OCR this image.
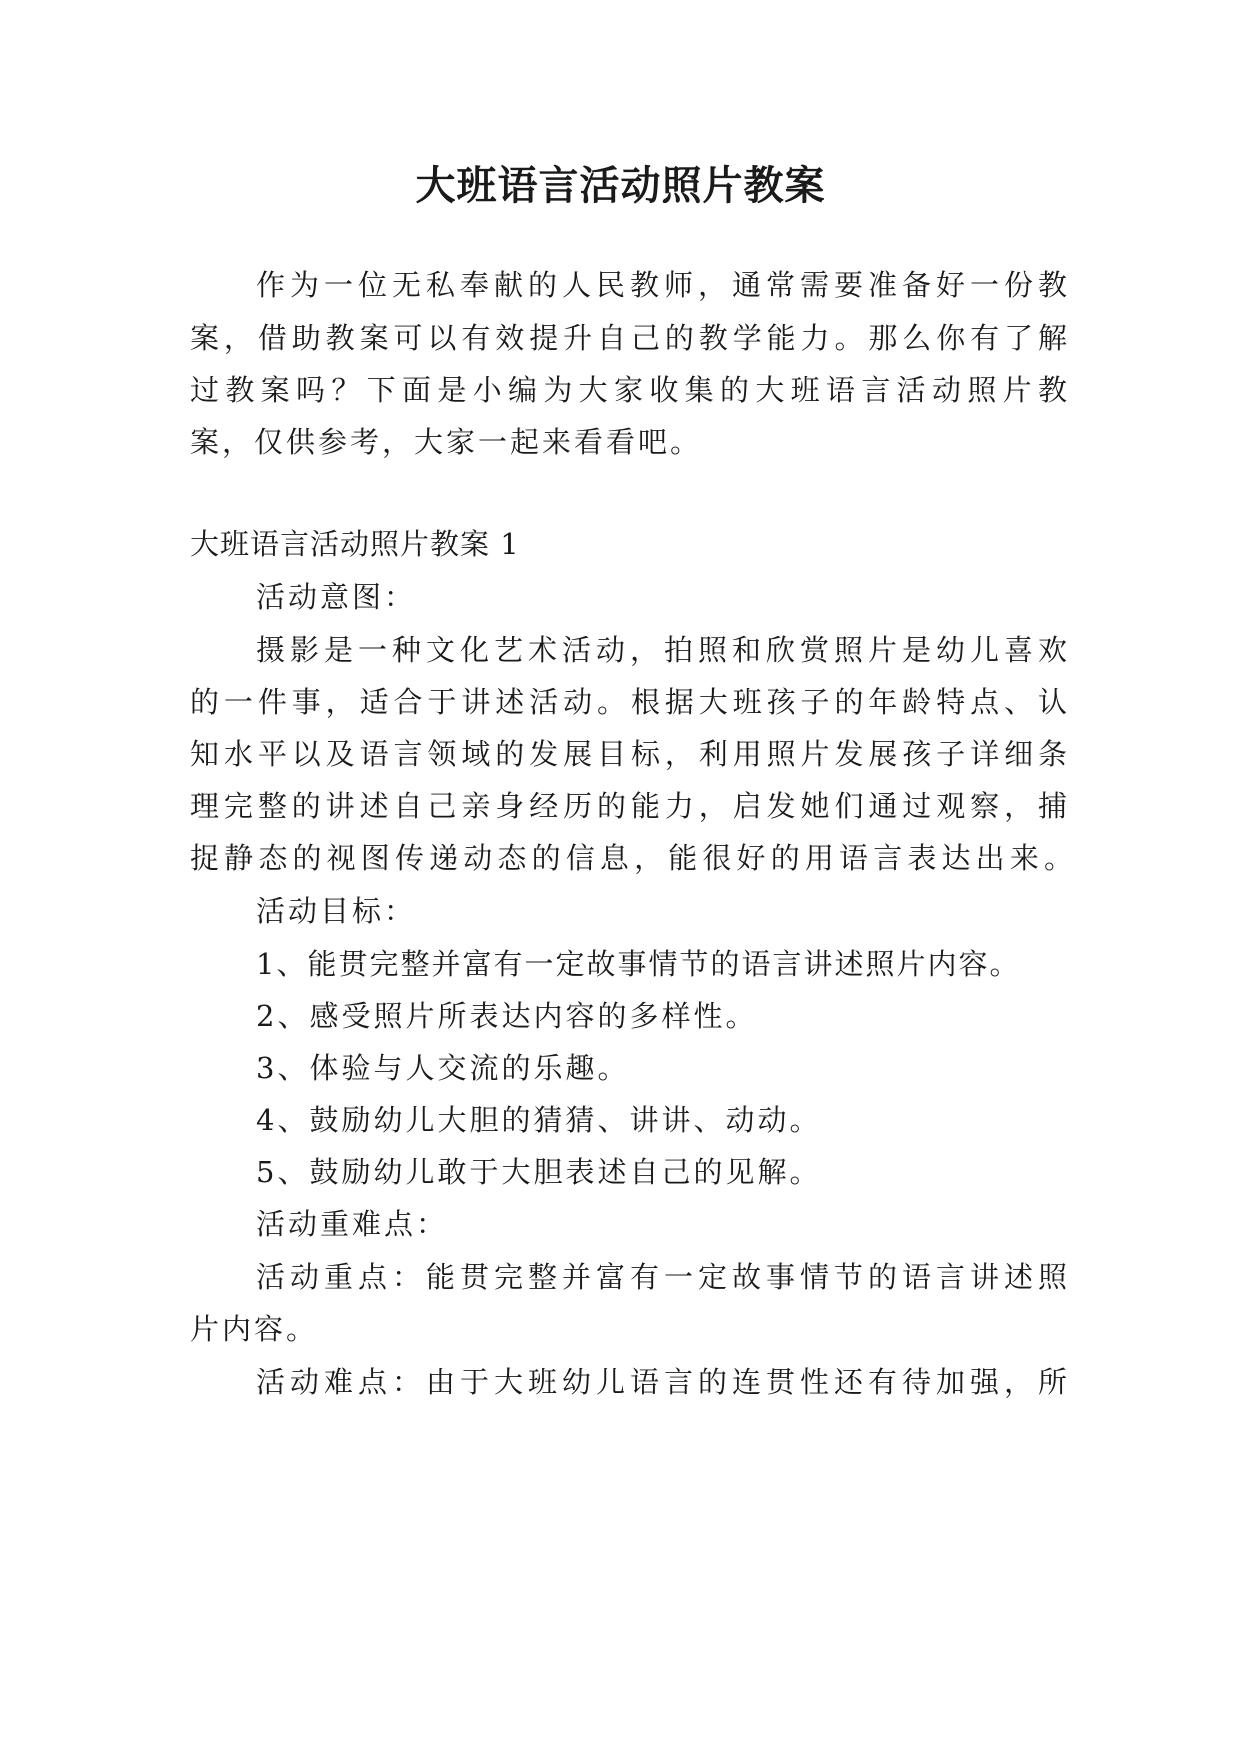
大班语言活动照片教案

作为一位无私奉献的人民教师，通常需要准备好一份教

案，借助教案可以有效提升自己的教学能力。那么你有了解

过教案吗？下面是小编为大家收集的大班语言活动照片教

案，仅供参考，大家一起来看看吧。

大班语言活动照片教案 1

活动意图：

摄影是一种文化艺术活动，拍照和欣赏照片是幼儿喜欢

的一件事，适合于讲述活动。根据大班孩子的年龄特点、认

知水平以及语言领域的发展目标，利用照片发展孩子详细条

理完整的讲述自己亲身经历的能力，启发她们通过观察，捕

捉静态的视图传递动态的信息，能很好的用语言表达出来。

活动目标：

1、能贯完整并富有一定故事情节的语言讲述照片内容。

2、感受照片所表达内容的多样性。

3、体验与人交流的乐趣。

4、鼓励幼儿大胆的猜猜、讲讲、动动。

5、鼓励幼儿敢于大胆表述自己的见解。

活动重难点：

活动重点：能贯完整并富有一定故事情节的语言讲述照

片内容。

活动难点：由于大班幼儿语言的连贯性还有待加强，所
